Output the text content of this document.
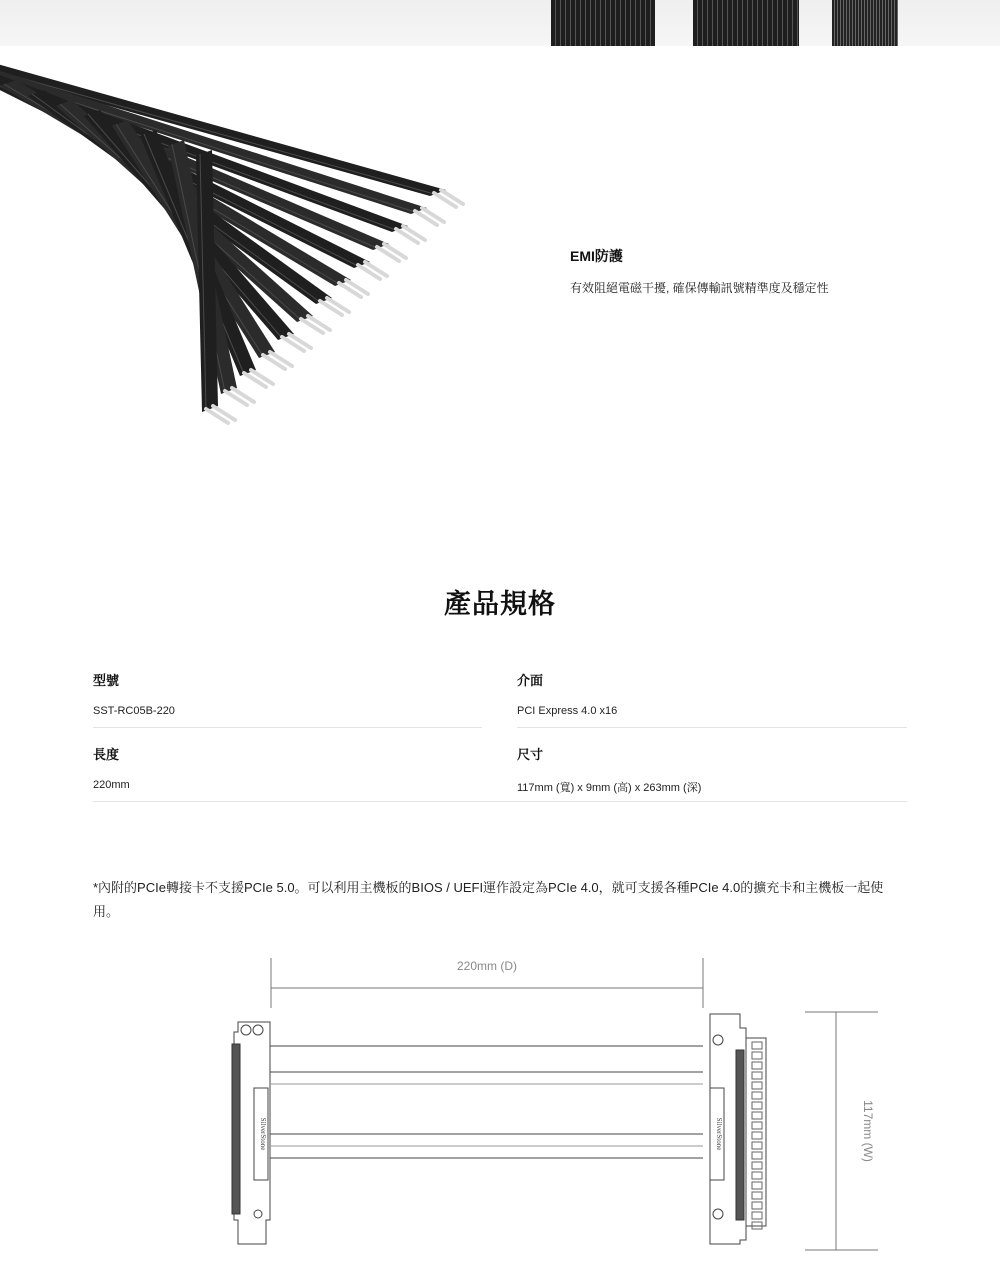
EMI防護

有效阻絕電磁干擾, 確保傳輸訊號精準度及穩定性

產品規格
型號
SST-RC05B-220
介面
PCI Express 4.0 x16
長度
220mm
尺寸
117mm (寬) x 9mm (高) x 263mm (深)

*內附的PCIe轉接卡不支援PCIe 5.0。可以利用主機板的BIOS / UEFI運作設定為PCIe 4.0，就可支援各種PCIe 4.0的擴充卡和主機板一起使用。

220mm (D)
117mm (W)
SilverStone	SilverStone
